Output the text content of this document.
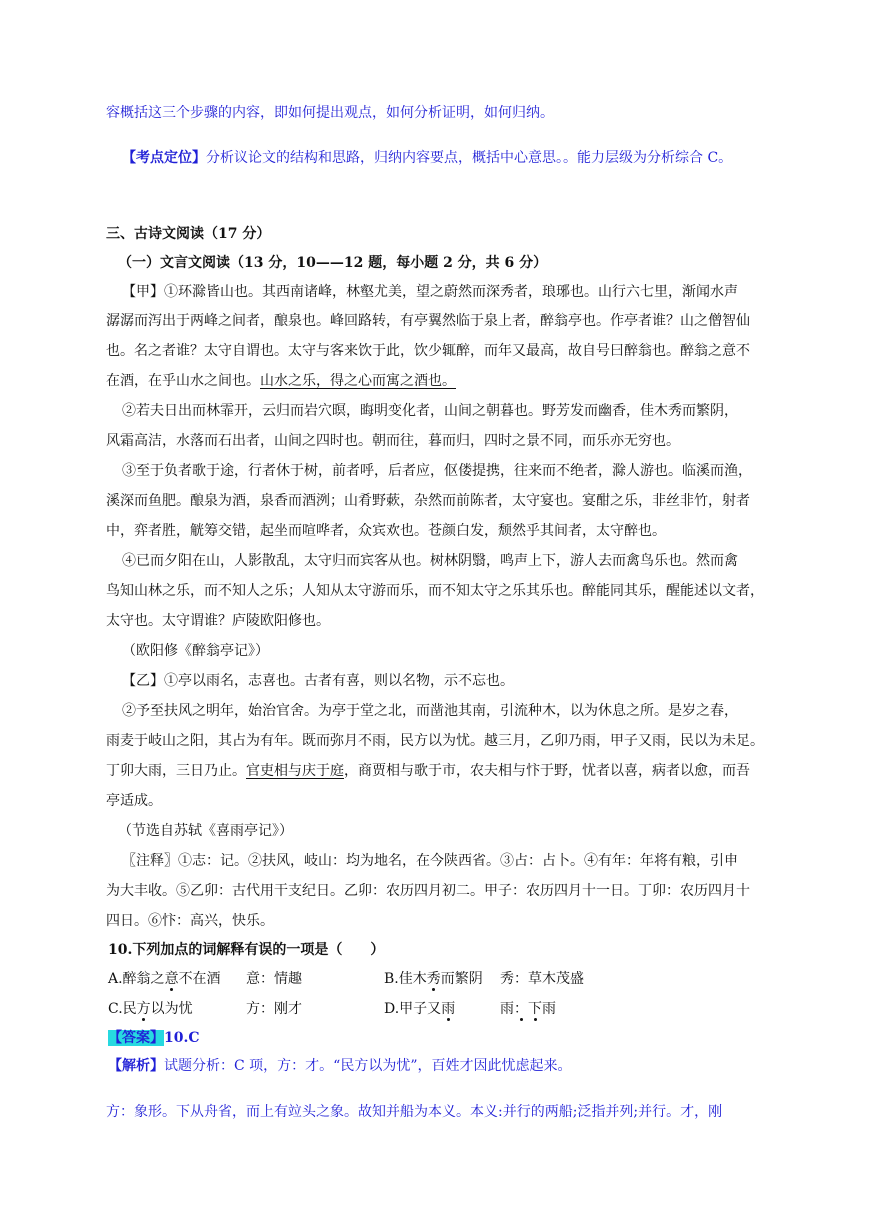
容概括这三个步骤的内容，即如何提出观点，如何分析证明，如何归纳。
【考点定位】分析议论文的结构和思路，归纳内容要点，概括中心意思。。能力层级为分析综合 C。
三、古诗文阅读（17 分）
（一）文言文阅读（13 分，10——12 题，每小题 2 分，共 6 分）
【甲】①环滁皆山也。其西南诸峰，林壑尤美，望之蔚然而深秀者，琅琊也。山行六七里，渐闻水声
潺潺而泻出于两峰之间者，酿泉也。峰回路转，有亭翼然临于泉上者，醉翁亭也。作亭者谁？山之僧智仙
也。名之者谁？太守自谓也。太守与客来饮于此，饮少辄醉，而年又最高，故自号曰醉翁也。醉翁之意不
在酒，在乎山水之间也。山水之乐，得之心而寓之酒也。
②若夫日出而林霏开，云归而岩穴暝，晦明变化者，山间之朝暮也。野芳发而幽香，佳木秀而繁阴，
风霜高洁，水落而石出者，山间之四时也。朝而往，暮而归，四时之景不同，而乐亦无穷也。
③至于负者歌于途，行者休于树，前者呼，后者应，伛偻提携，往来而不绝者，滁人游也。临溪而渔，
溪深而鱼肥。酿泉为酒，泉香而酒洌；山肴野蔌，杂然而前陈者，太守宴也。宴酣之乐，非丝非竹，射者
中，弈者胜，觥筹交错，起坐而喧哗者，众宾欢也。苍颜白发，颓然乎其间者，太守醉也。
④已而夕阳在山，人影散乱，太守归而宾客从也。树林阴翳，鸣声上下，游人去而禽鸟乐也。然而禽
鸟知山林之乐，而不知人之乐；人知从太守游而乐，而不知太守之乐其乐也。醉能同其乐，醒能述以文者，
太守也。太守谓谁？庐陵欧阳修也。
（欧阳修《醉翁亭记》）
【乙】①亭以雨名，志喜也。古者有喜，则以名物，示不忘也。
②予至扶风之明年，始治官舍。为亭于堂之北，而凿池其南，引流种木，以为休息之所。是岁之春，
雨麦于岐山之阳，其占为有年。既而弥月不雨，民方以为忧。越三月，乙卯乃雨，甲子又雨，民以为未足。
丁卯大雨，三日乃止。官吏相与庆于庭，商贾相与歌于市，农夫相与忭于野，忧者以喜，病者以愈，而吾
亭适成。
（节选自苏轼《喜雨亭记》）
〖注释〗①志：记。②扶风，岐山：均为地名，在今陕西省。③占：占卜。④有年：年将有粮，引申
为大丰收。⑤乙卯：古代用干支纪日。乙卯：农历四月初二。甲子：农历四月十一日。丁卯：农历四月十
四日。⑥忭：高兴，快乐。
10.下列加点的词解释有误的一项是（　　）
A.醉翁之意不在酒 意：情趣	B.佳木秀而繁阴 秀：草木茂盛
C.民方以为忧	方：刚才	D.甲子又雨	雨：下雨
【答案】10.C
【解析】试题分析：C 项，方：才。“民方以为忧”，百姓才因此忧虑起来。
方：象形。下从舟省，而上有竝头之象。故知并船为本义。本义:并行的两船;泛指并列;并行。才，刚
